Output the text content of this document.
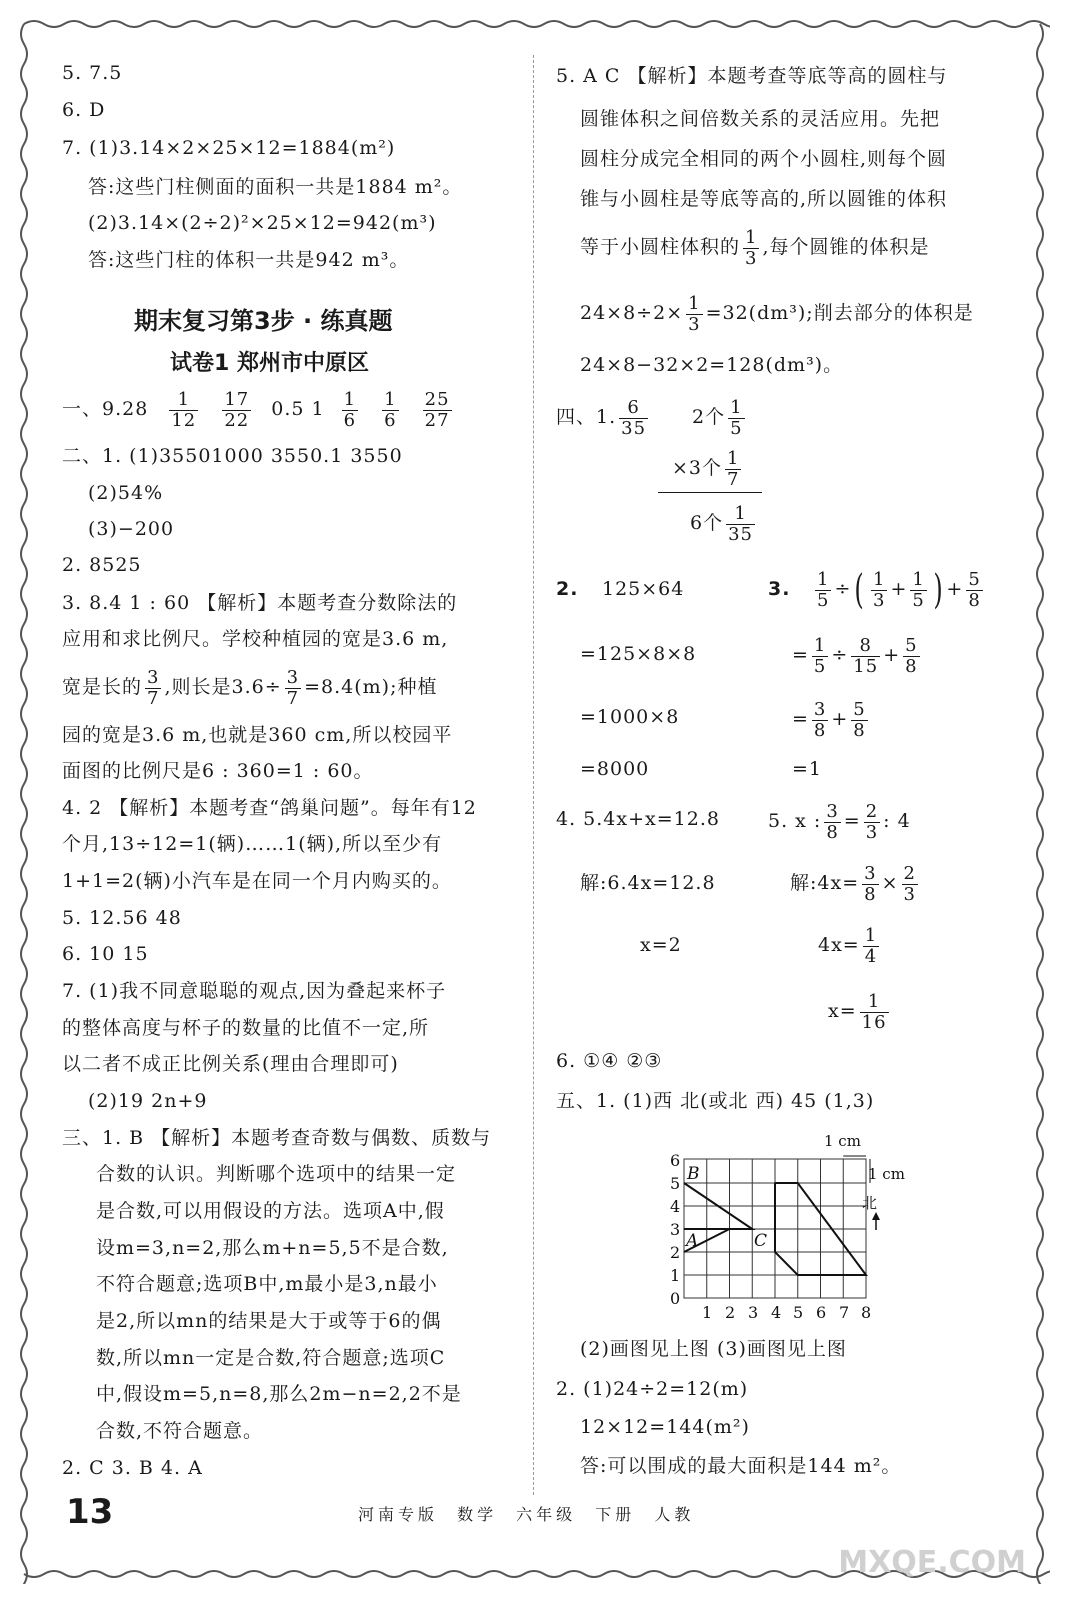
5. 7.5
6. D
7. (1)3.14×2×25×12=1884(m²)
答:这些门柱侧面的面积一共是1884 m²。
(2)3.14×(2÷2)²×25×12=942(m³)
答:这些门柱的体积一共是942 m³。
期末复习第3步 · 练真题
试卷1 郑州市中原区
一、$9.28 \frac{1}{12}$
$\frac{17}{22} 0.5$ $1 \frac{1}{6}$
$\frac{1}{6}$
$\frac{25}{27}$
二、1. (1)35501000 3550.1 3550
(2)54%
(3)−200
2. 8525
3. 8.4 1 : 60 【解析】本题考查分数除法的
应用和求比例尺。学校种植园的宽是3.6 m,
宽是长的 $\frac{3}{7}$ ,则长是$3.6\div \frac{3}{7} =8.4(m)$;种植
园的宽是3.6 m,也就是360 cm,所以校园平
面图的比例尺是6 : 360=1 : 60。
4. 2 【解析】本题考查“鸽巢问题”。每年有12
个月,13÷12=1(辆)……1(辆),所以至少有
1+1=2(辆)小汽车是在同一个月内购买的。
5. 12.56 48
6. 10 15
7. (1)我不同意聪聪的观点,因为叠起来杯子
的整体高度与杯子的数量的比值不一定,所
以二者不成正比例关系(理由合理即可)
(2)19 2n+9
三、1. B 【解析】本题考查奇数与偶数、质数与
合数的认识。判断哪个选项中的结果一定
是合数,可以用假设的方法。选项A中,假
设m=3,n=2,那么m+n=5,5不是合数,
不符合题意;选项B中,m最小是3,n最小
是2,所以mn的结果是大于或等于6的偶
数,所以mn一定是合数,符合题意;选项C
中,假设m=5,n=8,那么2m−n=2,2不是
合数,不符合题意。
2. C 3. B 4. A
5. A C 【解析】本题考查等底等高的圆柱与
圆锥体积之间倍数关系的灵活应用。先把
圆柱分成完全相同的两个小圆柱,则每个圆
锥与小圆柱是等底等高的,所以圆锥的体积
等于小圆柱体积的 $\frac{1}{3}$ ,每个圆锥的体积是
$24\times 8\div 2\times \frac{1}{3} =32(dm^3)$;削去部分的体积是
24×8−32×2=128(dm³)。
四、1. $\frac{6}{35} 2$个 $\frac{1}{5}$
×3个 $\frac{1}{7}$
6个 $\frac{1}{35}$
2. 125×64
=125×8×8
=1000×8
=8000
3. $\frac{1}{5}$ ÷( $\frac{1}{3} + \frac{1}{5}$ ) + $\frac{5}{8}$
= $\frac{1}{5} \div \frac{8}{15} + \frac{5}{8}$
= $\frac{3}{8} + \frac{5}{8}$
=1
4. 5.4x+x=12.8
解:6.4x=12.8
x=2
5. x : $\frac{3}{8} = \frac{2}{3}$ : 4
解:4x= $\frac{3}{8} \times \frac{2}{3}$
$4x= \frac{1}{4}$
$x= \frac{1}{16}$
6. ①④ ②③
五、1. (1)西 北(或北 西) 45 (1,3)
0
1
2
3
4
5
6
1 2 3 4 5 6 7 8
B
A	C
1 cm
1 cm
北
(2)画图见上图 (3)画图见上图
2. (1)24÷2=12(m)
12×12=144(m²)
答:可以围成的最大面积是144 m²。
13	河南专版 数学 六年级 下册 人教
MXQE.COM
